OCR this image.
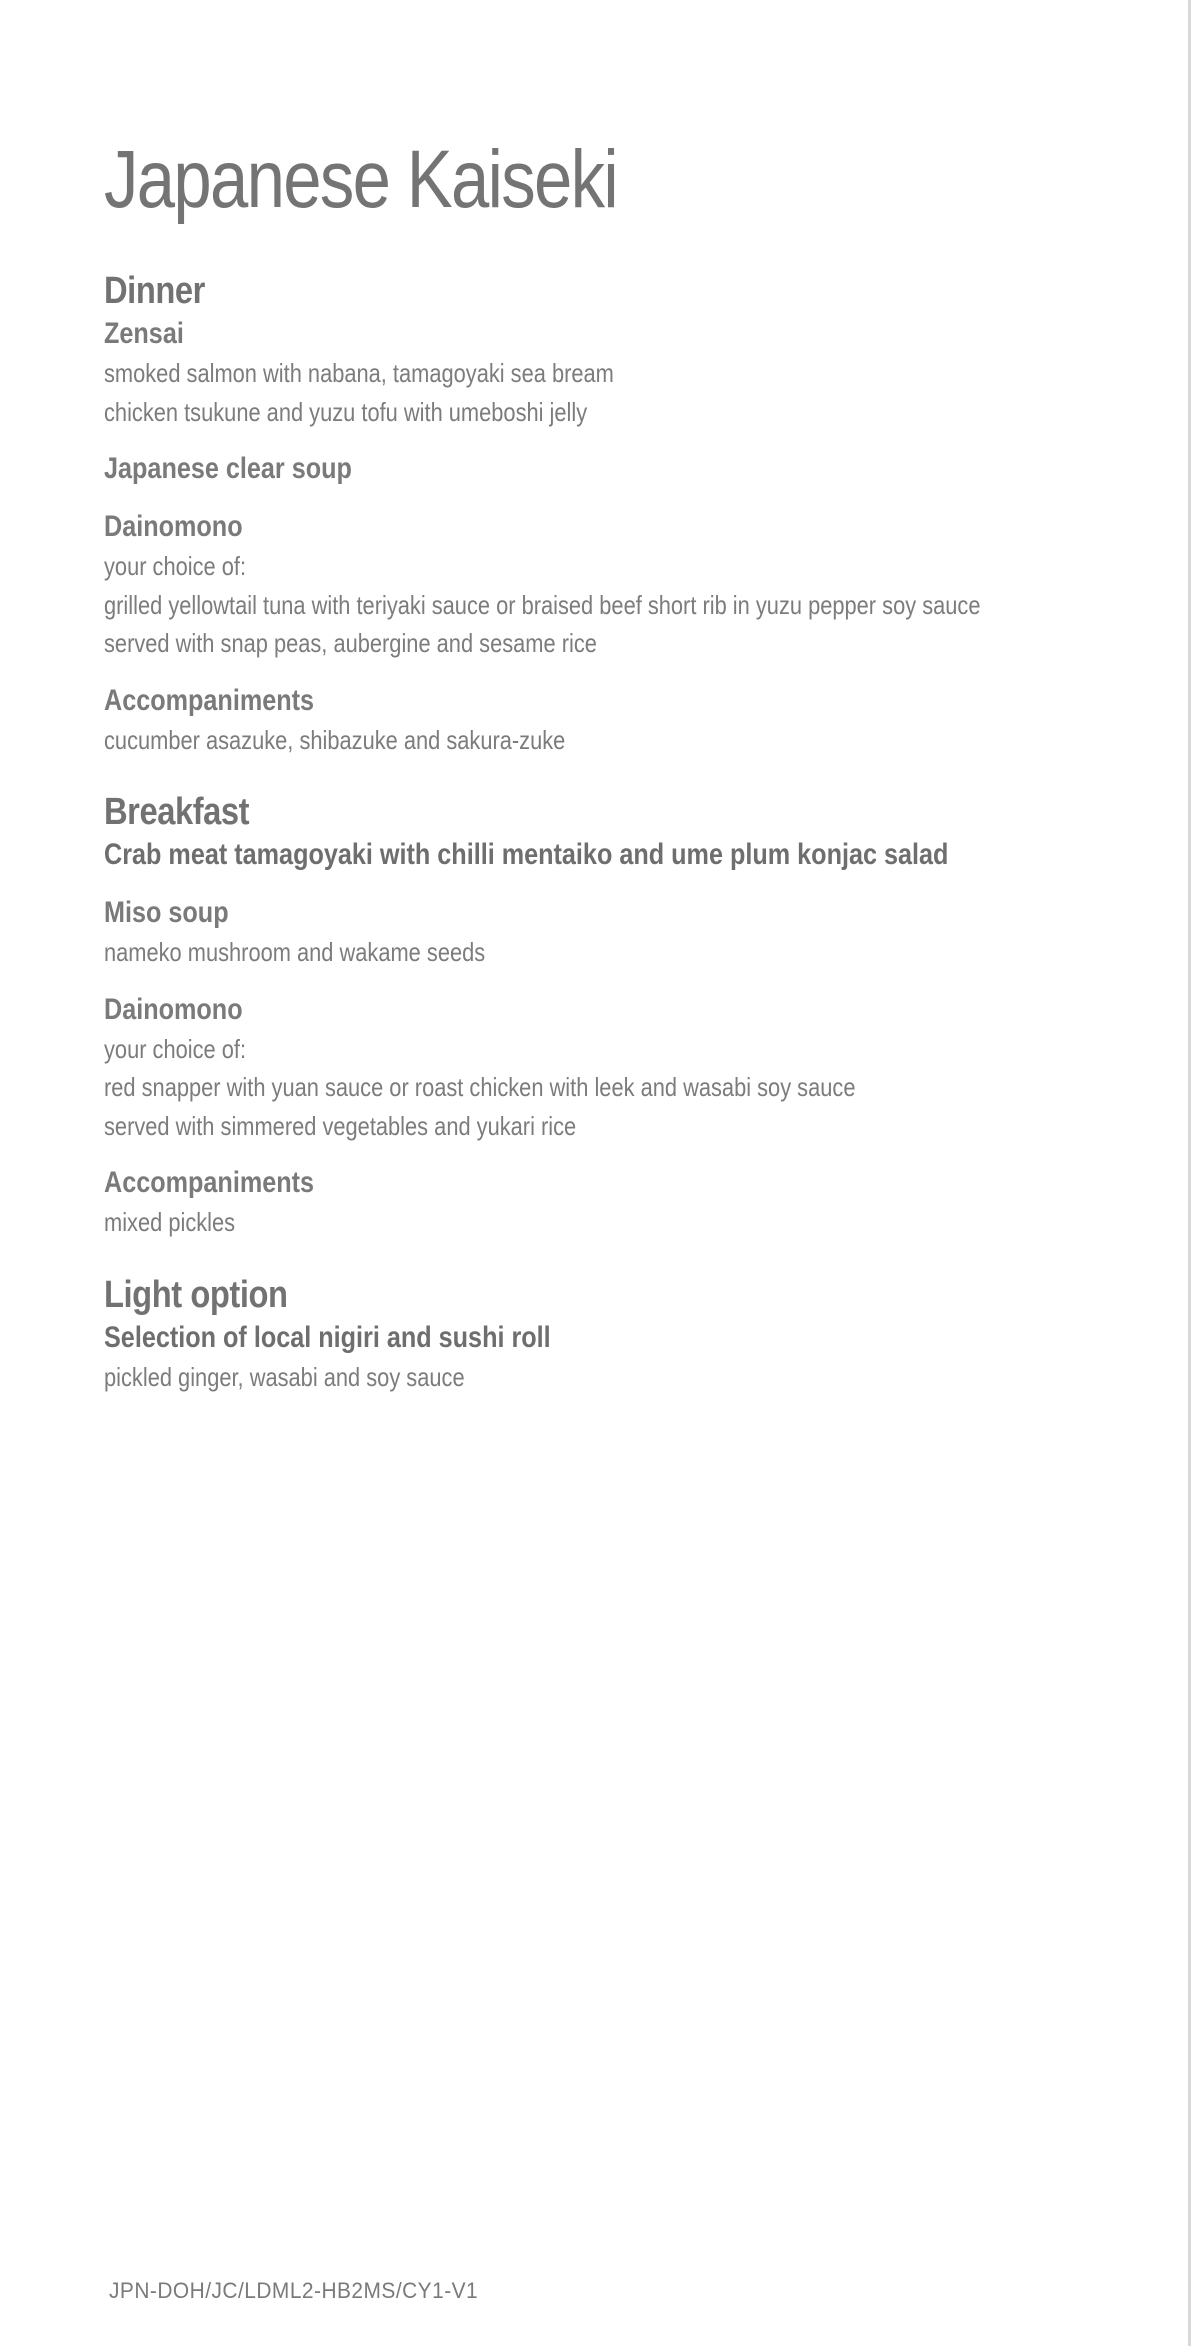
Japanese Kaiseki
Dinner
Zensai
smoked salmon with nabana, tamagoyaki sea bream
chicken tsukune and yuzu tofu with umeboshi jelly
Japanese clear soup
Dainomono
your choice of:
grilled yellowtail tuna with teriyaki sauce or braised beef short rib in yuzu pepper soy sauce
served with snap peas, aubergine and sesame rice
Accompaniments
cucumber asazuke, shibazuke and sakura-zuke
Breakfast
Crab meat tamagoyaki with chilli mentaiko and ume plum konjac salad
Miso soup
nameko mushroom and wakame seeds
Dainomono
your choice of:
red snapper with yuan sauce or roast chicken with leek and wasabi soy sauce
served with simmered vegetables and yukari rice
Accompaniments
mixed pickles
Light option
Selection of local nigiri and sushi roll
pickled ginger, wasabi and soy sauce
JPN-DOH/JC/LDML2-HB2MS/CY1-V1
